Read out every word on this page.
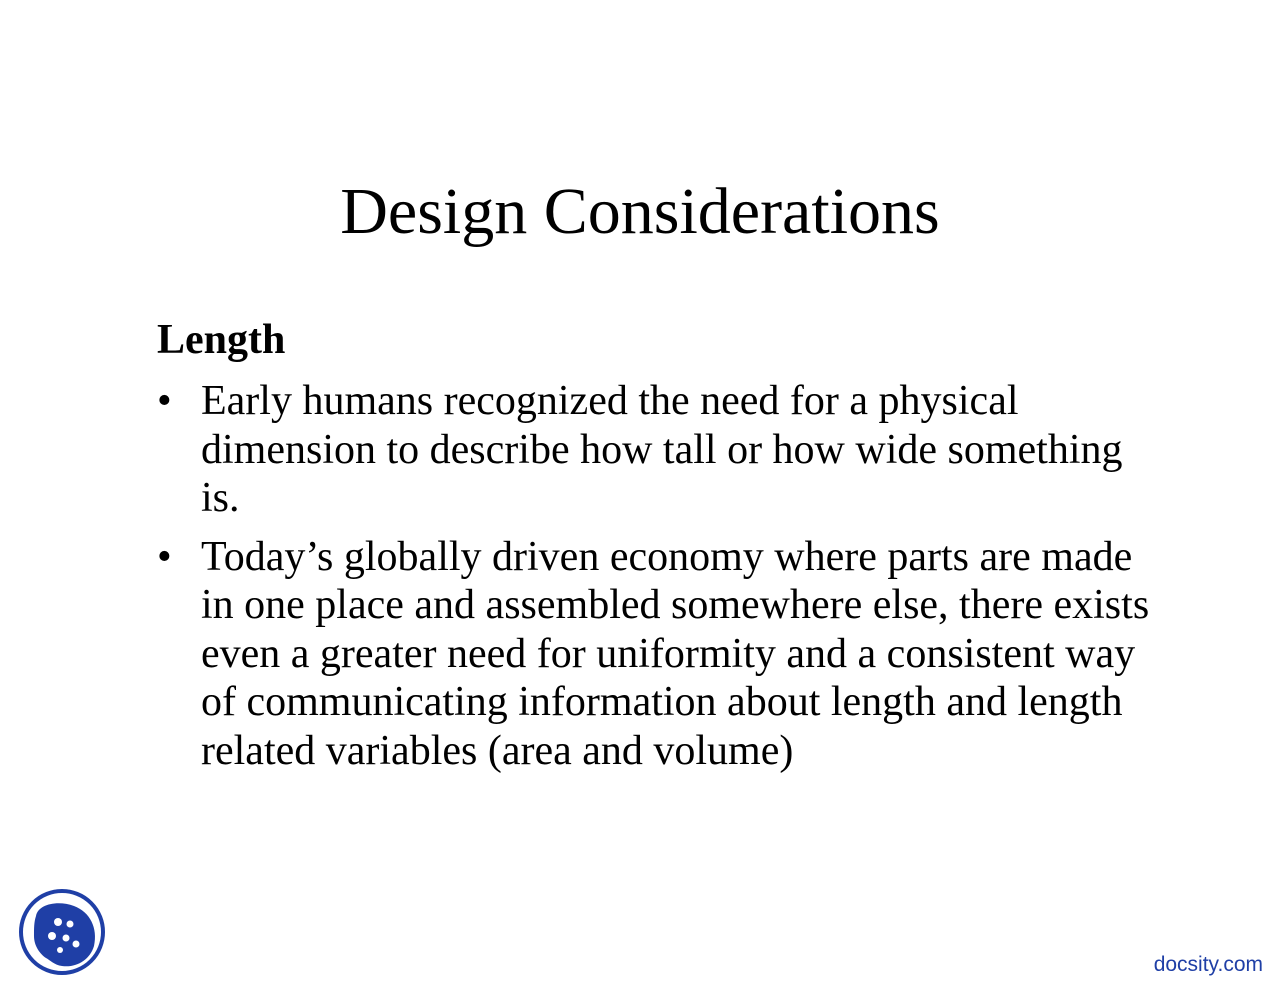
Design Considerations
Length
• Early humans recognized the need for a physical dimension to describe how tall or how wide something is.
• Today’s globally driven economy where parts are made in one place and assembled somewhere else, there exists even a greater need for uniformity and a consistent way of communicating information about length and length related variables (area and volume)
docsity.com
